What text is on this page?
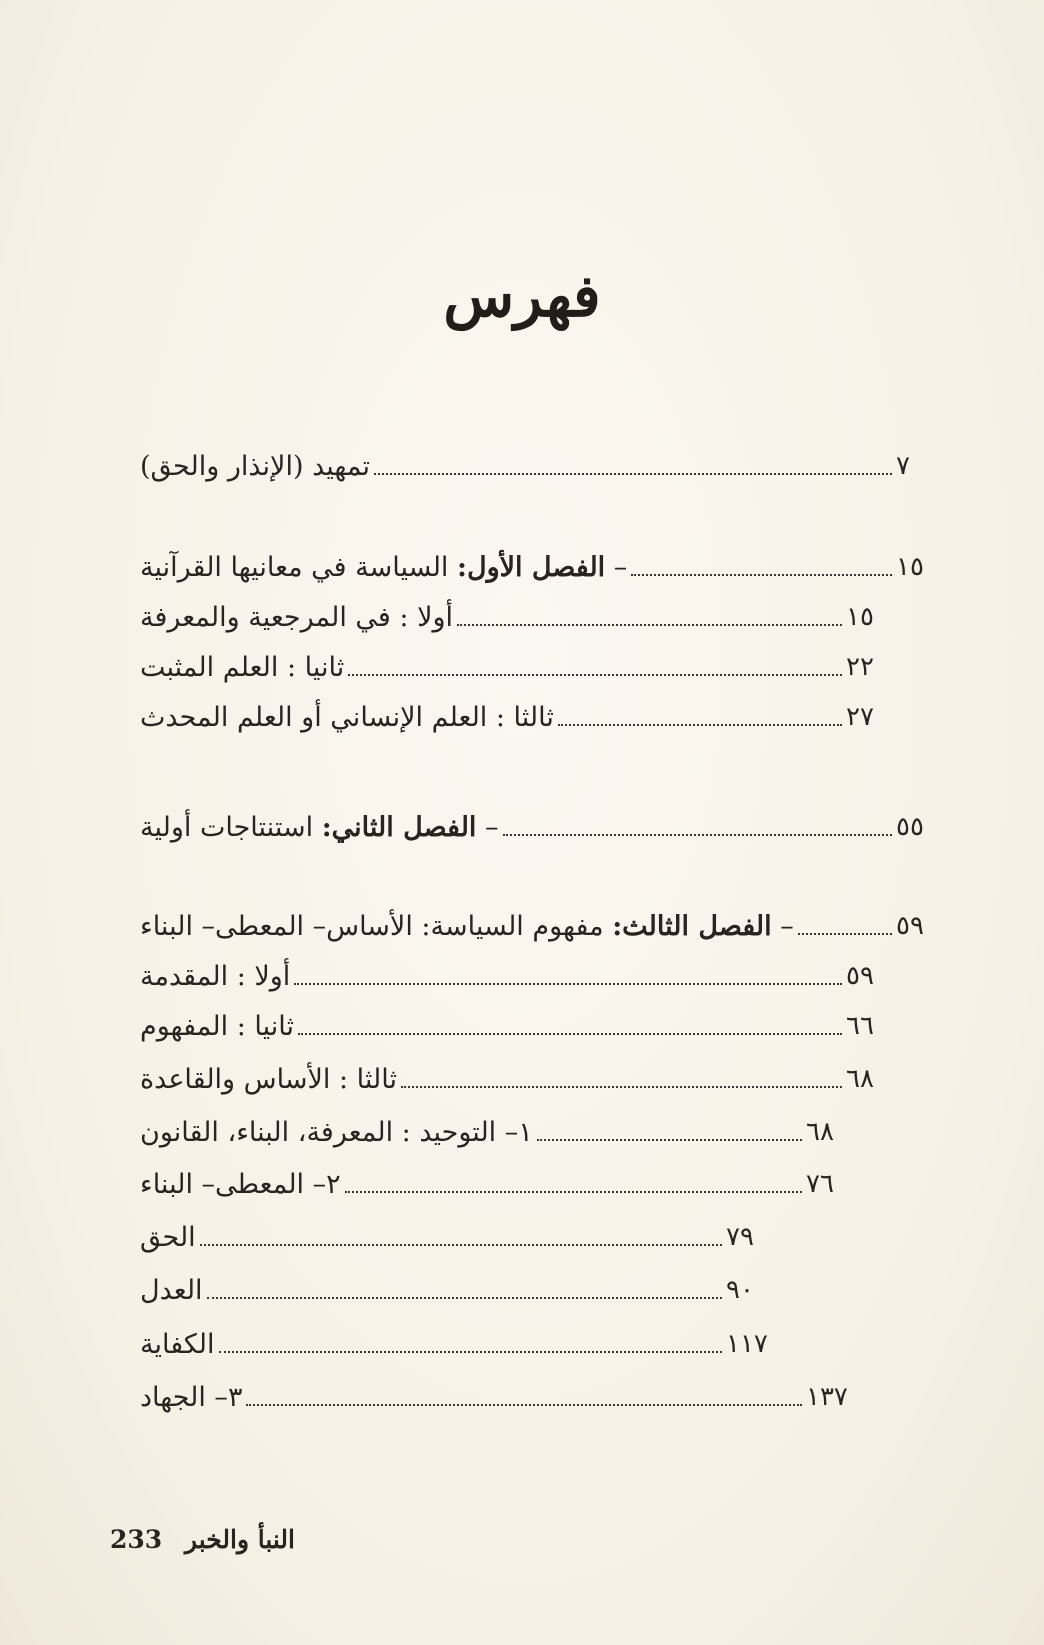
فهرس
تمهيد (الإنذار والحق)	٧
– الفصل الأول: السياسة في معانيها القرآنية	١٥
أولا : في المرجعية والمعرفة	١٥
ثانيا : العلم المثبت	٢٢
ثالثا : العلم الإنساني أو العلم المحدث	٢٧
– الفصل الثاني: استنتاجات أولية	٥٥
– الفصل الثالث: مفهوم السياسة: الأساس– المعطى– البناء	٥٩
أولا : المقدمة	٥٩
ثانيا : المفهوم	٦٦
ثالثا : الأساس والقاعدة	٦٨
١– التوحيد : المعرفة، البناء، القانون	٦٨
٢– المعطى– البناء	٧٦
الحق	٧٩
العدل	٩٠
الكفاية	١١٧
٣– الجهاد	١٣٧
233 النبأ والخبر
